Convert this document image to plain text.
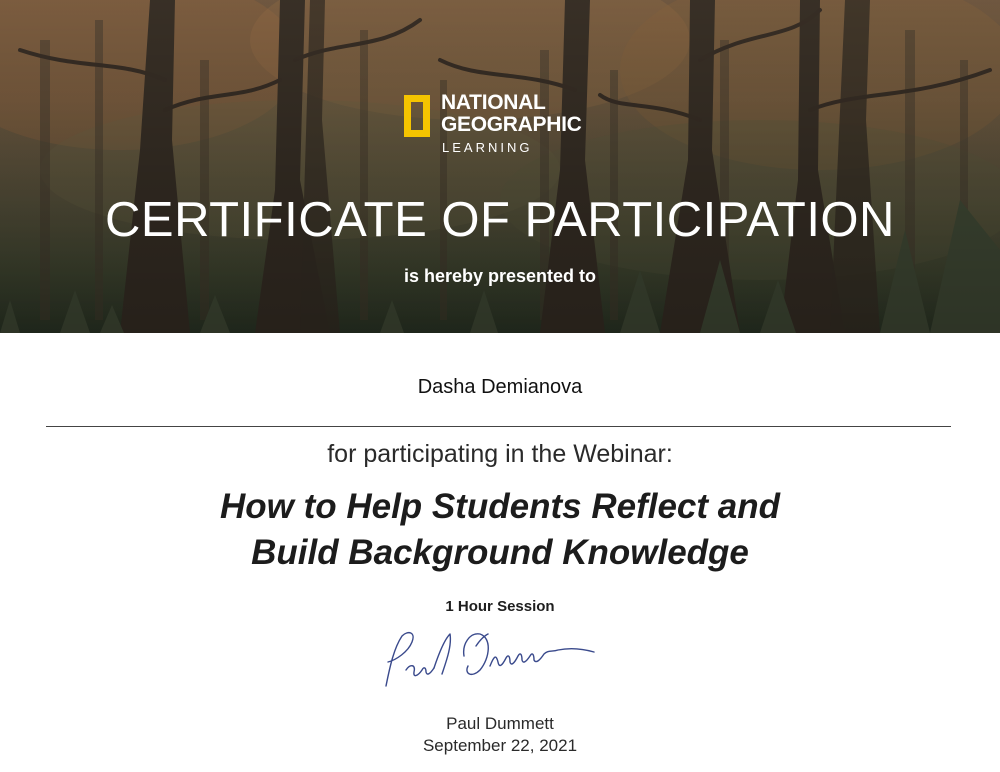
NATIONAL
GEOGRAPHIC
LEARNING
CERTIFICATE OF PARTICIPATION
is hereby presented to
Dasha Demianova
for participating in the Webinar:
How to Help Students Reflect and
Build Background Knowledge
1 Hour Session
Paul Dummett
September 22, 2021
